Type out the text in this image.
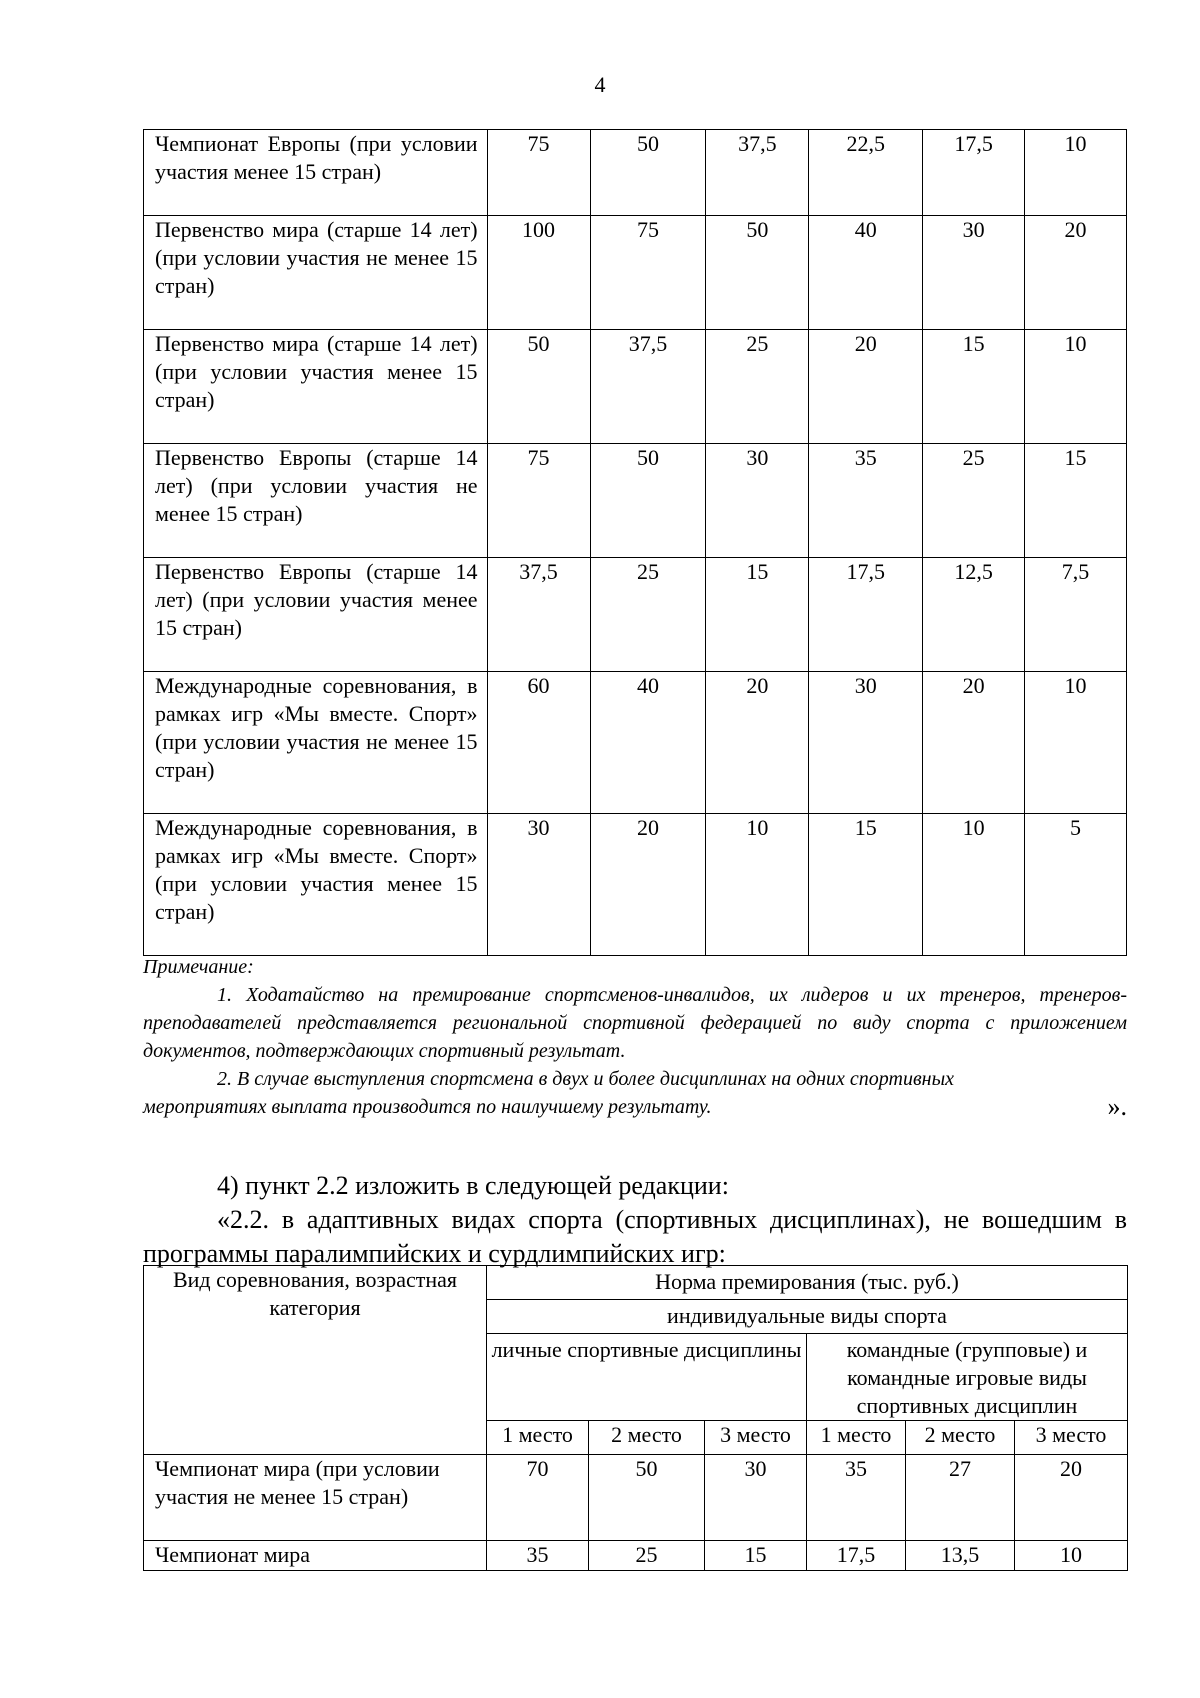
4
Чемпионат Европы (при условии участия менее 15 стран)	75	50	37,5	22,5	17,5	10
Первенство мира (старше 14 лет) (при условии участия не менее 15 стран)	100	75	50	40	30	20
Первенство мира (старше 14 лет) (при условии участия менее 15 стран)	50	37,5	25	20	15	10
Первенство Европы (старше 14 лет) (при условии участия не менее 15 стран)	75	50	30	35	25	15
Первенство Европы (старше 14 лет) (при условии участия менее 15 стран)	37,5	25	15	17,5	12,5	7,5
Международные соревнования, в рамках игр «Мы вместе. Спорт» (при условии участия не менее 15 стран)	60	40	20	30	20	10
Международные соревнования, в рамках игр «Мы вместе. Спорт» (при условии участия менее 15 стран)	30	20	10	15	10	5

Примечание:

1. Ходатайство на премирование спортсменов-инвалидов, их лидеров и их тренеров, тренеров-преподавателей представляется региональной спортивной федерацией по виду спорта с приложением документов, подтверждающих спортивный результат.

2. В случае выступления спортсмена в двух и более дисциплинах на одних спортивных

мероприятиях выплата производится по наилучшему результату.	».
4) пункт 2.2 изложить в следующей редакции:
«2.2. в адаптивных видах спорта (спортивных дисциплинах), не вошедшим в программы паралимпийских и сурдлимпийских игр:
Вид соревнования, возрастная категория	Норма премирования (тыс. руб.)					
	индивидуальные виды спорта					
	личные спортивные дисциплины			командные (групповые) и командные игровые виды спортивных дисциплин		
	1 место	2 место	3 место	1 место	2 место	3 место
Чемпионат мира (при условии участия не менее 15 стран)	70	50	30	35	27	20
Чемпионат мира	35	25	15	17,5	13,5	10
